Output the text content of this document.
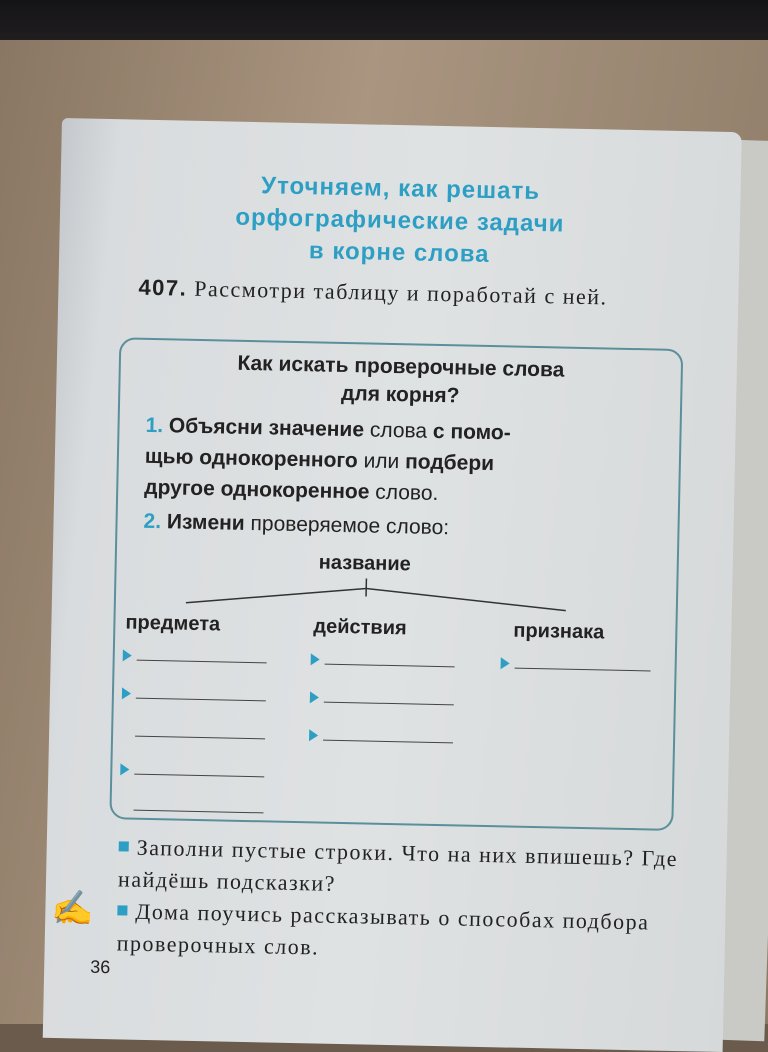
Уточняем, как решать
орфографические задачи
в корне слова
407. Рассмотри таблицу и поработай с ней.
Как искать проверочные слова
для корня?
1. Объясни значение слова с помо-
щью однокоренного или подбери
другое однокоренное слово.
2. Измени проверяемое слово:
название
предмета	действия	признака
Заполни пустые строки. Что на них впишешь? Где найдёшь подсказки?
Дома поучись рассказывать о способах подбора проверочных слов.
✍
36
